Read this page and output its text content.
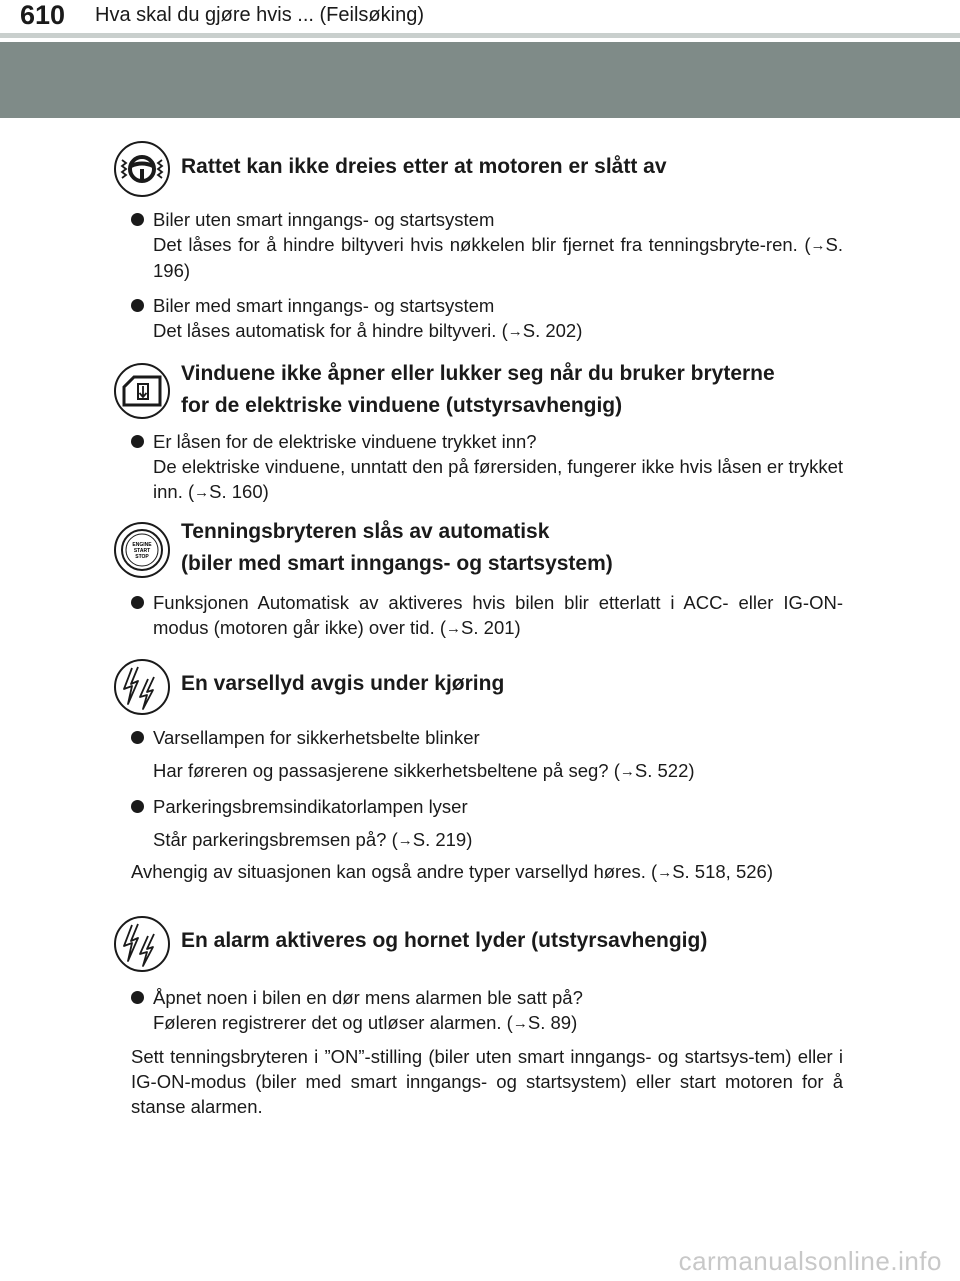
610 Hva skal du gjøre hvis ... (Feilsøking)
Rattet kan ikke dreies etter at motoren er slått av

Biler uten smart inngangs- og startsystem

Det låses for å hindre biltyveri hvis nøkkelen blir fjernet fra tenningsbryte-ren. (→S. 196)

Biler med smart inngangs- og startsystem

Det låses automatisk for å hindre biltyveri. (→S. 202)

Vinduene ikke åpner eller lukker seg når du bruker bryterne
for de elektriske vinduene (utstyrsavhengig)

Er låsen for de elektriske vinduene trykket inn?

De elektriske vinduene, unntatt den på førersiden, fungerer ikke hvis låsen er trykket inn. (→S. 160)

ENGINE
START
STOP
Tenningsbryteren slås av automatisk
(biler med smart inngangs- og startsystem)

Funksjonen Automatisk av aktiveres hvis bilen blir etterlatt i ACC- eller IG-ON-modus (motoren går ikke) over tid. (→S. 201)

En varsellyd avgis under kjøring

Varsellampen for sikkerhetsbelte blinker

Har føreren og passasjerene sikkerhetsbeltene på seg? (→S. 522)

Parkeringsbremsindikatorlampen lyser

Står parkeringsbremsen på? (→S. 219)

Avhengig av situasjonen kan også andre typer varsellyd høres. (→S. 518, 526)

En alarm aktiveres og hornet lyder (utstyrsavhengig)

Åpnet noen i bilen en dør mens alarmen ble satt på?

Føleren registrerer det og utløser alarmen. (→S. 89)

Sett tenningsbryteren i ”ON”-stilling (biler uten smart inngangs- og startsys-tem) eller i IG-ON-modus (biler med smart inngangs- og startsystem) eller start motoren for å stanse alarmen.

carmanualsonline.info
